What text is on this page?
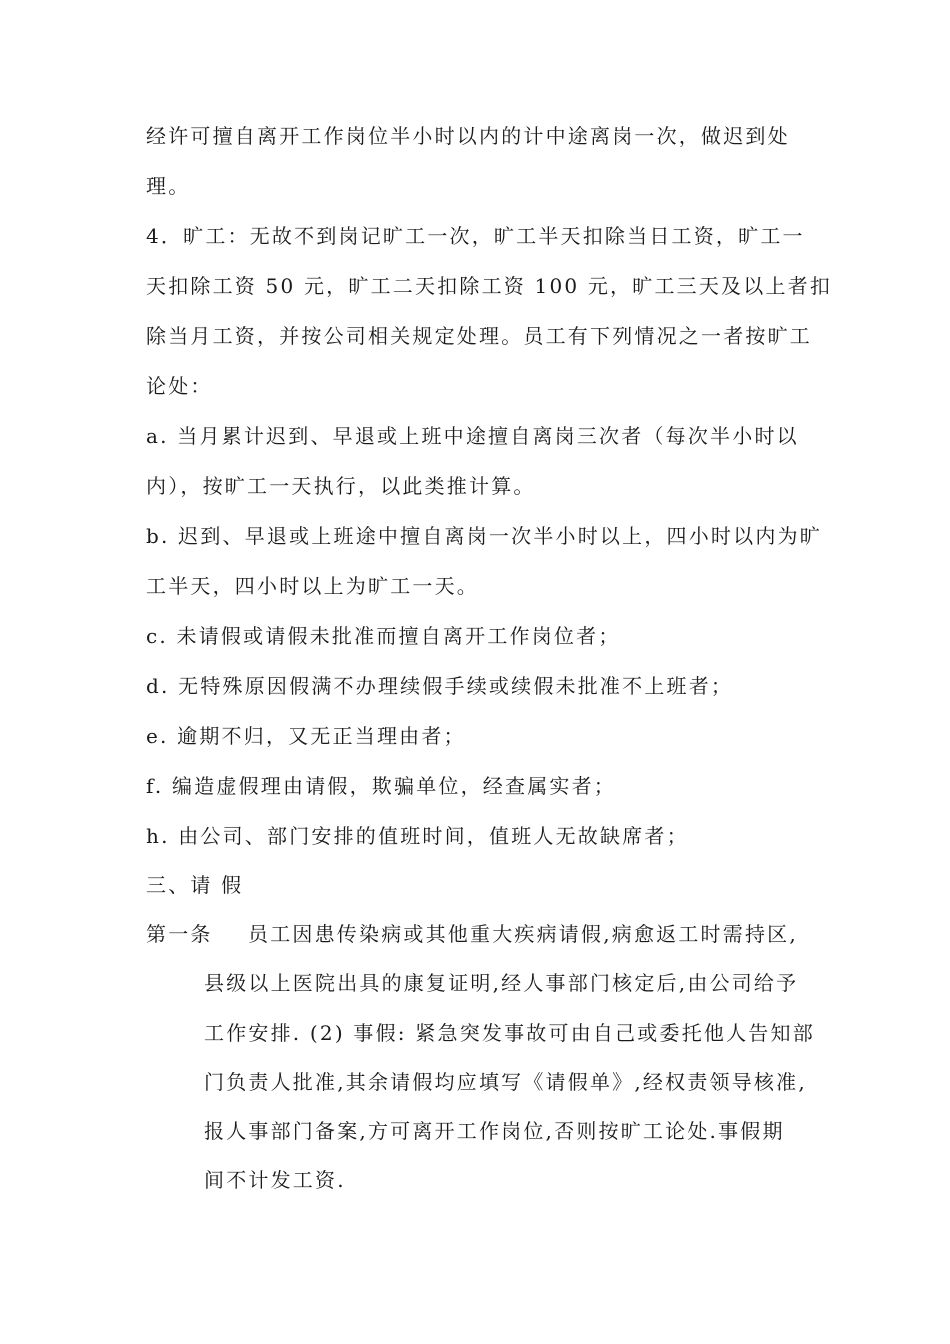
经许可擅自离开工作岗位半小时以内的计中途离岗一次，做迟到处
理。
4．旷工：无故不到岗记旷工一次，旷工半天扣除当日工资，旷工一
天扣除工资 50 元，旷工二天扣除工资 100 元，旷工三天及以上者扣
除当月工资，并按公司相关规定处理。员工有下列情况之一者按旷工
论处：
a. 当月累计迟到、早退或上班中途擅自离岗三次者（每次半小时以
内），按旷工一天执行，以此类推计算。
b. 迟到、早退或上班途中擅自离岗一次半小时以上，四小时以内为旷
工半天，四小时以上为旷工一天。
c. 未请假或请假未批准而擅自离开工作岗位者；
d. 无特殊原因假满不办理续假手续或续假未批准不上班者；
e. 逾期不归，又无正当理由者；
f. 编造虚假理由请假，欺骗单位，经查属实者；
h. 由公司、部门安排的值班时间，值班人无故缺席者；
三、请 假
第一条 员工因患传染病或其他重大疾病请假,病愈返工时需持区,
县级以上医院出具的康复证明,经人事部门核定后,由公司给予
工作安排. (2) 事假: 紧急突发事故可由自己或委托他人告知部
门负责人批准,其余请假均应填写《请假单》,经权责领导核准,
报人事部门备案,方可离开工作岗位,否则按旷工论处.事假期
间不计发工资.
